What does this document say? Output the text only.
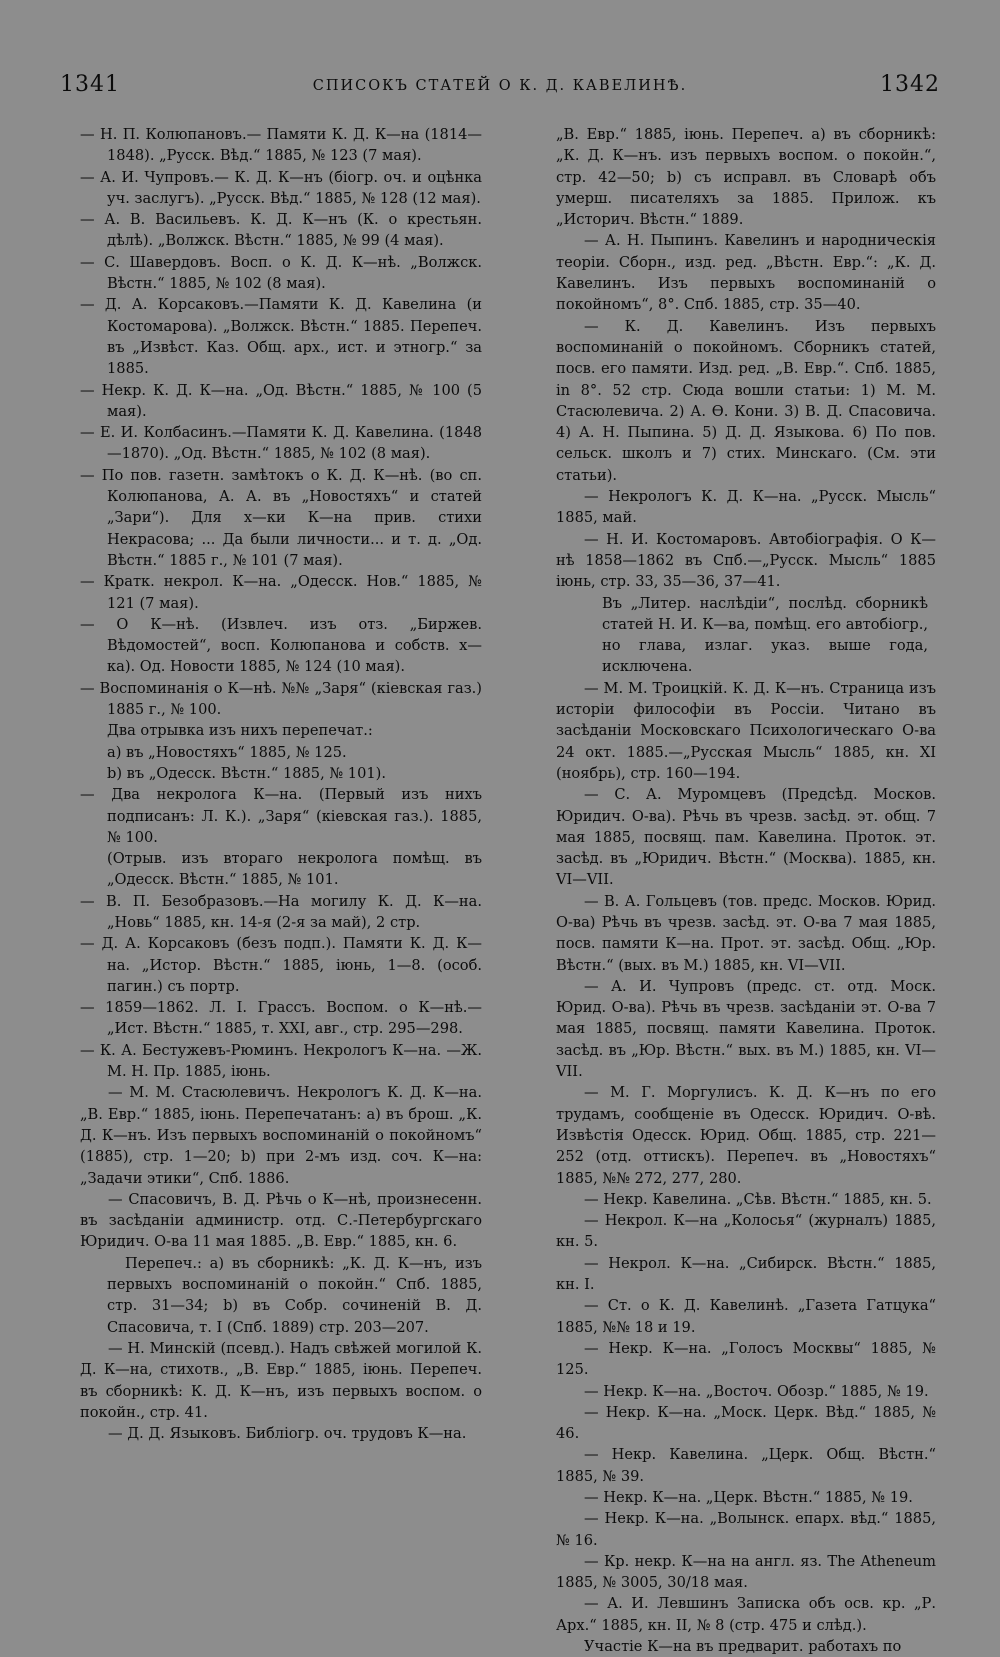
1341	СПИСОКЪ СТАТЕЙ О К. Д. КАВЕЛИНѢ.	1342

— Н. П. Колюпановъ.— Памяти К. Д. К—на (1814—1848). „Русск. Вѣд.“ 1885, № 123 (7 мая).

— А. И. Чупровъ.— К. Д. К—нъ (біогр. оч. и оцѣнка уч. заслугъ). „Русск. Вѣд.“ 1885, № 128 (12 мая).

— А. В. Васильевъ. К. Д. К—нъ (К. о крестьян. дѣлѣ). „Волжск. Вѣстн.“ 1885, № 99 (4 мая).

— С. Шавердовъ. Восп. о К. Д. К—нѣ. „Волжск. Вѣстн.“ 1885, № 102 (8 мая).

— Д. А. Корсаковъ.—Памяти К. Д. Кавелина (и Костомарова). „Волжск. Вѣстн.“ 1885. Перепеч. въ „Извѣст. Каз. Общ. арх., ист. и этногр.“ за 1885.

— Некр. К. Д. К—на. „Од. Вѣстн.“ 1885, № 100 (5 мая).

— Е. И. Колбасинъ.—Памяти К. Д. Кавелина. (1848—1870). „Од. Вѣстн.“ 1885, № 102 (8 мая).

— По пов. газетн. замѣтокъ о К. Д. К—нѣ. (во сп. Колюпанова, А. А. въ „Новостяхъ“ и статей „Зари“). Для х—ки К—на прив. стихи Некрасова; ... Да были личности... и т. д. „Од. Вѣстн.“ 1885 г., № 101 (7 мая).

— Кратк. некрол. К—на. „Одесск. Нов.“ 1885, № 121 (7 мая).

— О К—нѣ. (Извлеч. изъ отз. „Биржев. Вѣдомостей“, восп. Колюпанова и собств. х—ка). Од. Новости 1885, № 124 (10 мая).

— Воспоминанія о К—нѣ. №№ „Заря“ (кіевская газ.) 1885 г., № 100.

Два отрывка изъ нихъ перепечат.:

а) въ „Новостяхъ“ 1885, № 125.

b) въ „Одесск. Вѣстн.“ 1885, № 101).

— Два некролога К—на. (Первый изъ нихъ подписанъ: Л. К.). „Заря“ (кіевская газ.). 1885, № 100.

(Отрыв. изъ втораго некролога помѣщ. въ „Одесск. Вѣстн.“ 1885, № 101.

— В. П. Безобразовъ.—На могилу К. Д. К—на. „Новь“ 1885, кн. 14-я (2-я за май), 2 стр.

— Д. А. Корсаковъ (безъ подп.). Памяти К. Д. К—на. „Истор. Вѣстн.“ 1885, іюнь, 1—8. (особ. пагин.) съ портр.

— 1859—1862. Л. І. Грассъ. Воспом. о К—нѣ.— „Ист. Вѣстн.“ 1885, т. XXI, авг., стр. 295—298.

— К. А. Бестужевъ-Рюминъ. Некрологъ К—на. —Ж. М. Н. Пр. 1885, іюнь.

— М. М. Стасюлевичъ. Некрологъ К. Д. К—на. „В. Евр.“ 1885, іюнь. Перепечатанъ: а) въ брош. „К. Д. К—нъ. Изъ первыхъ воспоминаній о покойномъ“ (1885), стр. 1—20; b) при 2-мъ изд. соч. К—на: „Задачи этики“, Спб. 1886.

— Спасовичъ, В. Д. Рѣчь о К—нѣ, произнесенн. въ засѣданіи администр. отд. С.-Петербургскаго Юридич. О-ва 11 мая 1885. „В. Евр.“ 1885, кн. 6.

Перепеч.: а) въ сборникѣ: „К. Д. К—нъ, изъ первыхъ воспоминаній о покойн.“ Спб. 1885, стр. 31—34; b) въ Собр. сочиненій В. Д. Спасовича, т. I (Спб. 1889) стр. 203—207.

— Н. Минскій (псевд.). Надъ свѣжей могилой К. Д. К—на, стихотв., „В. Евр.“ 1885, іюнь. Перепеч. въ сборникѣ: К. Д. К—нъ, изъ первыхъ воспом. о покойн., стр. 41.

— Д. Д. Языковъ. Библіогр. оч. трудовъ К—на.

„В. Евр.“ 1885, іюнь. Перепеч. а) въ сборникѣ: „К. Д. К—нъ. изъ первыхъ воспом. о покойн.“, стр. 42—50; b) съ исправл. въ Словарѣ объ умерш. писателяхъ за 1885. Прилож. къ „Историч. Вѣстн.“ 1889.

— А. Н. Пыпинъ. Кавелинъ и народническія теоріи. Сборн., изд. ред. „Вѣстн. Евр.“: „К. Д. Кавелинъ. Изъ первыхъ воспоминаній о покойномъ“, 8°. Спб. 1885, стр. 35—40.

— К. Д. Кавелинъ. Изъ первыхъ воспоминаній о покойномъ. Сборникъ статей, посв. его памяти. Изд. ред. „В. Евр.“. Спб. 1885, in 8°. 52 стр. Сюда вошли статьи: 1) М. М. Стасюлевича. 2) А. Ѳ. Кони. 3) В. Д. Спасовича. 4) А. Н. Пыпина. 5) Д. Д. Языкова. 6) По пов. сельск. школъ и 7) стих. Минскаго. (См. эти статьи).

— Некрологъ К. Д. К—на. „Русск. Мысль“ 1885, май.

— Н. И. Костомаровъ. Автобіографія. О К—нѣ 1858—1862 въ Спб.—„Русск. Мысль“ 1885 іюнь, стр. 33, 35—36, 37—41.

Въ „Литер. наслѣдіи“, послѣд. сборникѣ статей Н. И. К—ва, помѣщ. его автобіогр., но глава, излаг. указ. выше года, исключена.

— М. М. Троицкій. К. Д. К—нъ. Страница изъ исторіи философіи въ Россіи. Читано въ засѣданіи Московскаго Психологическаго О-ва 24 окт. 1885.—„Русская Мысль“ 1885, кн. XI (ноябрь), стр. 160—194.

— С. А. Муромцевъ (Предсѣд. Москов. Юридич. О-ва). Рѣчь въ чрезв. засѣд. эт. общ. 7 мая 1885, посвящ. пам. Кавелина. Проток. эт. засѣд. въ „Юридич. Вѣстн.“ (Москва). 1885, кн. VI—VII.

— В. А. Гольцевъ (тов. предс. Москов. Юрид. О-ва) Рѣчь въ чрезв. засѣд. эт. О-ва 7 мая 1885, посв. памяти К—на. Прот. эт. засѣд. Общ. „Юр. Вѣстн.“ (вых. въ М.) 1885, кн. VI—VII.

— А. И. Чупровъ (предс. ст. отд. Моск. Юрид. О-ва). Рѣчь въ чрезв. засѣданіи эт. О-ва 7 мая 1885, посвящ. памяти Кавелина. Проток. засѣд. въ „Юр. Вѣстн.“ вых. въ М.) 1885, кн. VI—VII.

— М. Г. Моргулисъ. К. Д. К—нъ по его трудамъ, сообщеніе въ Одесск. Юридич. О-вѣ. Извѣстія Одесск. Юрид. Общ. 1885, стр. 221—252 (отд. оттискъ). Перепеч. въ „Новостяхъ“ 1885, №№ 272, 277, 280.

— Некр. Кавелина. „Сѣв. Вѣстн.“ 1885, кн. 5.

— Некрол. К—на „Колосья“ (журналъ) 1885, кн. 5.

— Некрол. К—на. „Сибирск. Вѣстн.“ 1885, кн. I.

— Ст. о К. Д. Кавелинѣ. „Газета Гатцука“ 1885, №№ 18 и 19.

— Некр. К—на. „Голосъ Москвы“ 1885, № 125.

— Некр. К—на. „Восточ. Обозр.“ 1885, № 19.

— Некр. К—на. „Моск. Церк. Вѣд.“ 1885, № 46.

— Некр. Кавелина. „Церк. Общ. Вѣстн.“ 1885, № 39.

— Некр. К—на. „Церк. Вѣстн.“ 1885, № 19.

— Некр. К—на. „Волынск. епарх. вѣд.“ 1885, № 16.

— Кр. некр. К—на на англ. яз. The Atheneum 1885, № 3005, 30/18 мая.

— А. И. Левшинъ Записка объ осв. кр. „Р. Арх.“ 1885, кн. II, № 8 (стр. 475 и слѣд.).

Участіе К—на въ предварит. работахъ по
